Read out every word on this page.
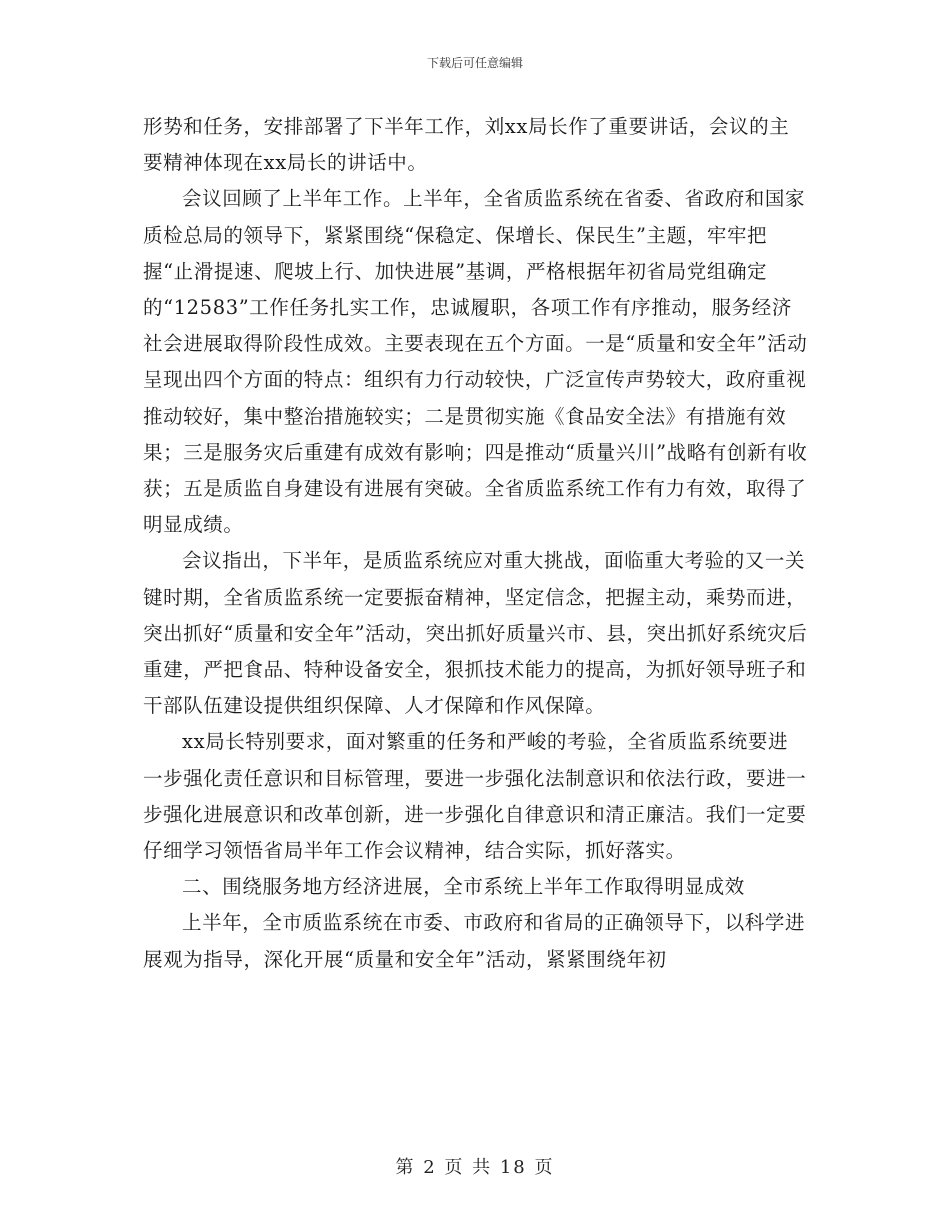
下载后可任意编辑

形势和任务，安排部署了下半年工作，刘xx局长作了重要讲话，会议的主要精神体现在xx局长的讲话中。

会议回顾了上半年工作。上半年，全省质监系统在省委、省政府和国家质检总局的领导下，紧紧围绕“保稳定、保增长、保民生”主题，牢牢把握“止滑提速、爬坡上行、加快进展”基调，严格根据年初省局党组确定的“12583”工作任务扎实工作，忠诚履职，各项工作有序推动，服务经济社会进展取得阶段性成效。主要表现在五个方面。一是“质量和安全年”活动呈现出四个方面的特点：组织有力行动较快，广泛宣传声势较大，政府重视推动较好，集中整治措施较实；二是贯彻实施《食品安全法》有措施有效果；三是服务灾后重建有成效有影响；四是推动“质量兴川”战略有创新有收获；五是质监自身建设有进展有突破。全省质监系统工作有力有效，取得了明显成绩。

会议指出，下半年，是质监系统应对重大挑战，面临重大考验的又一关键时期，全省质监系统一定要振奋精神，坚定信念，把握主动，乘势而进，突出抓好“质量和安全年”活动，突出抓好质量兴市、县，突出抓好系统灾后重建，严把食品、特种设备安全，狠抓技术能力的提高，为抓好领导班子和干部队伍建设提供组织保障、人才保障和作风保障。

xx局长特别要求，面对繁重的任务和严峻的考验，全省质监系统要进一步强化责任意识和目标管理，要进一步强化法制意识和依法行政，要进一步强化进展意识和改革创新，进一步强化自律意识和清正廉洁。我们一定要仔细学习领悟省局半年工作会议精神，结合实际，抓好落实。

二、围绕服务地方经济进展，全市系统上半年工作取得明显成效

上半年，全市质监系统在市委、市政府和省局的正确领导下，以科学进展观为指导，深化开展“质量和安全年”活动，紧紧围绕年初

第 2 页 共 18 页
